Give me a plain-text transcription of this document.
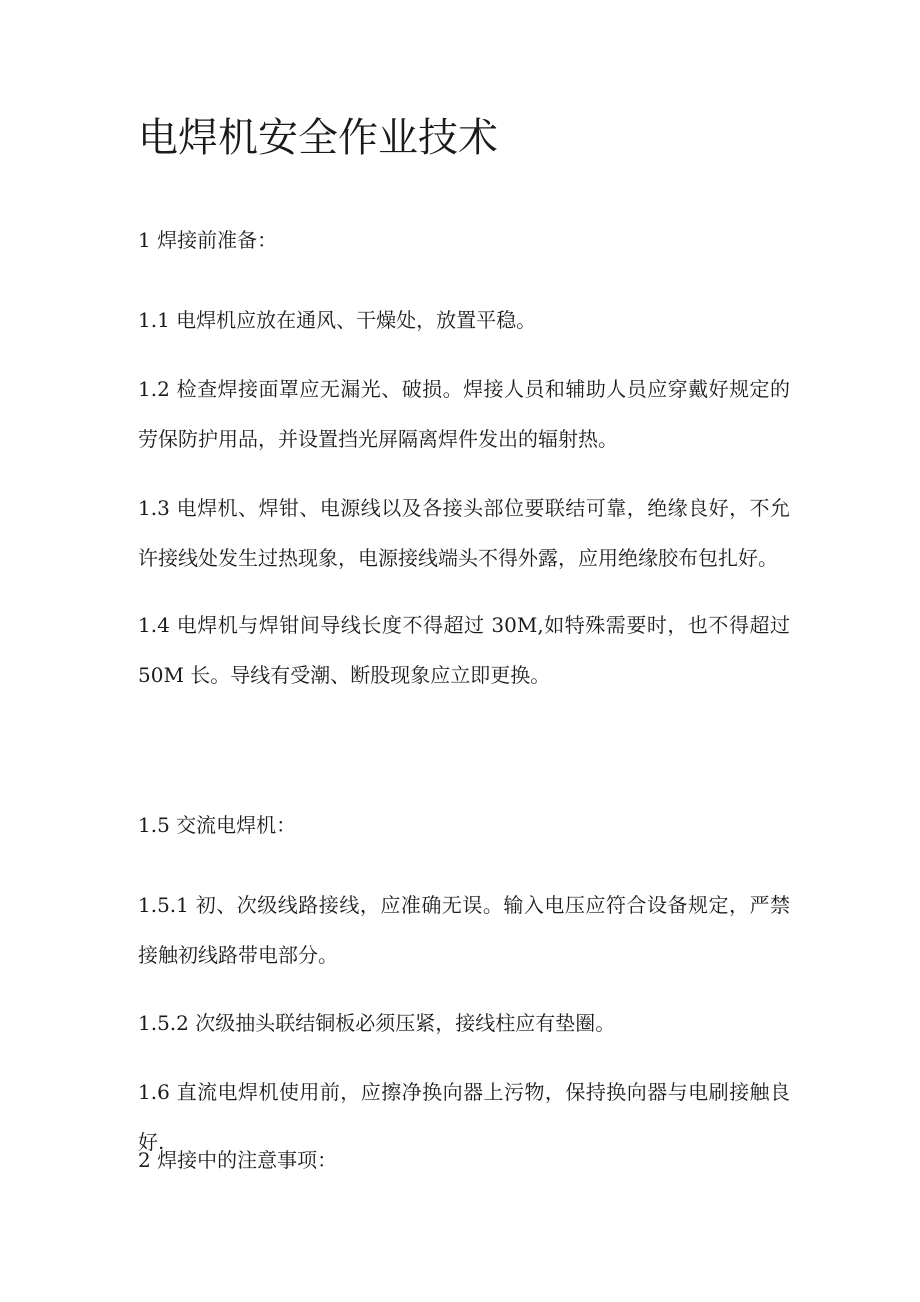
电焊机安全作业技术

1 焊接前准备：

1.1 电焊机应放在通风、干燥处，放置平稳。

1.2 检查焊接面罩应无漏光、破损。焊接人员和辅助人员应穿戴好规定的劳保防护用品，并设置挡光屏隔离焊件发出的辐射热。

1.3 电焊机、焊钳、电源线以及各接头部位要联结可靠，绝缘良好，不允许接线处发生过热现象，电源接线端头不得外露，应用绝缘胶布包扎好。

1.4 电焊机与焊钳间导线长度不得超过 30M,如特殊需要时，也不得超过 50M 长。导线有受潮、断股现象应立即更换。

1.5 交流电焊机：

1.5.1 初、次级线路接线，应准确无误。输入电压应符合设备规定，严禁接触初线路带电部分。

1.5.2 次级抽头联结铜板必须压紧，接线柱应有垫圈。

1.6 直流电焊机使用前，应擦净换向器上污物，保持换向器与电刷接触良好.

2 焊接中的注意事项：
